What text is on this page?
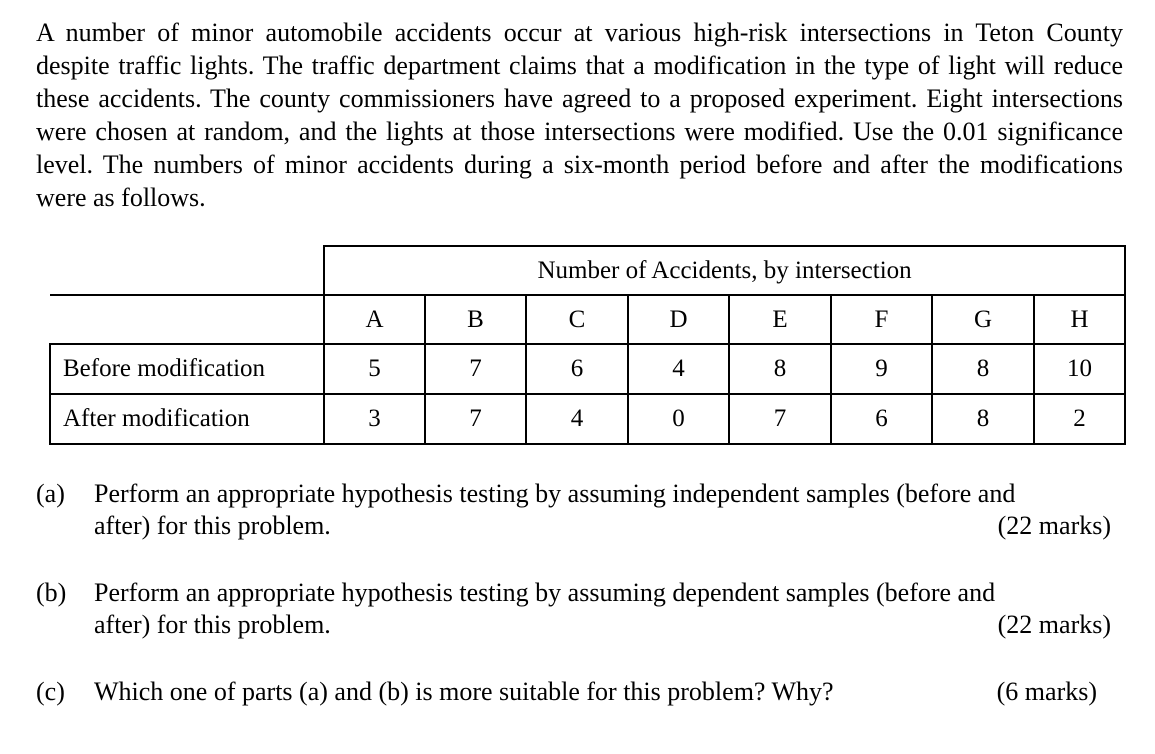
A number of minor automobile accidents occur at various high-risk intersections in Teton County despite traffic lights. The traffic department claims that a modification in the type of light will reduce these accidents. The county commissioners have agreed to a proposed experiment. Eight intersections were chosen at random, and the lights at those intersections were modified. Use the 0.01 significance level. The numbers of minor accidents during a six-month period before and after the modifications were as follows.

	Number of Accidents, by intersection							
	A	B	C	D	E	F	G	H
Before modification	5	7	6	4	8	9	8	10
After modification	3	7	4	0	7	6	8	2
(a) Perform an appropriate hypothesis testing by assuming independent samples (before and
after) for this problem.	(22 marks)
(b) Perform an appropriate hypothesis testing by assuming dependent samples (before and
after) for this problem.	(22 marks)
(c) Which one of parts (a) and (b) is more suitable for this problem? Why?	(6 marks)
